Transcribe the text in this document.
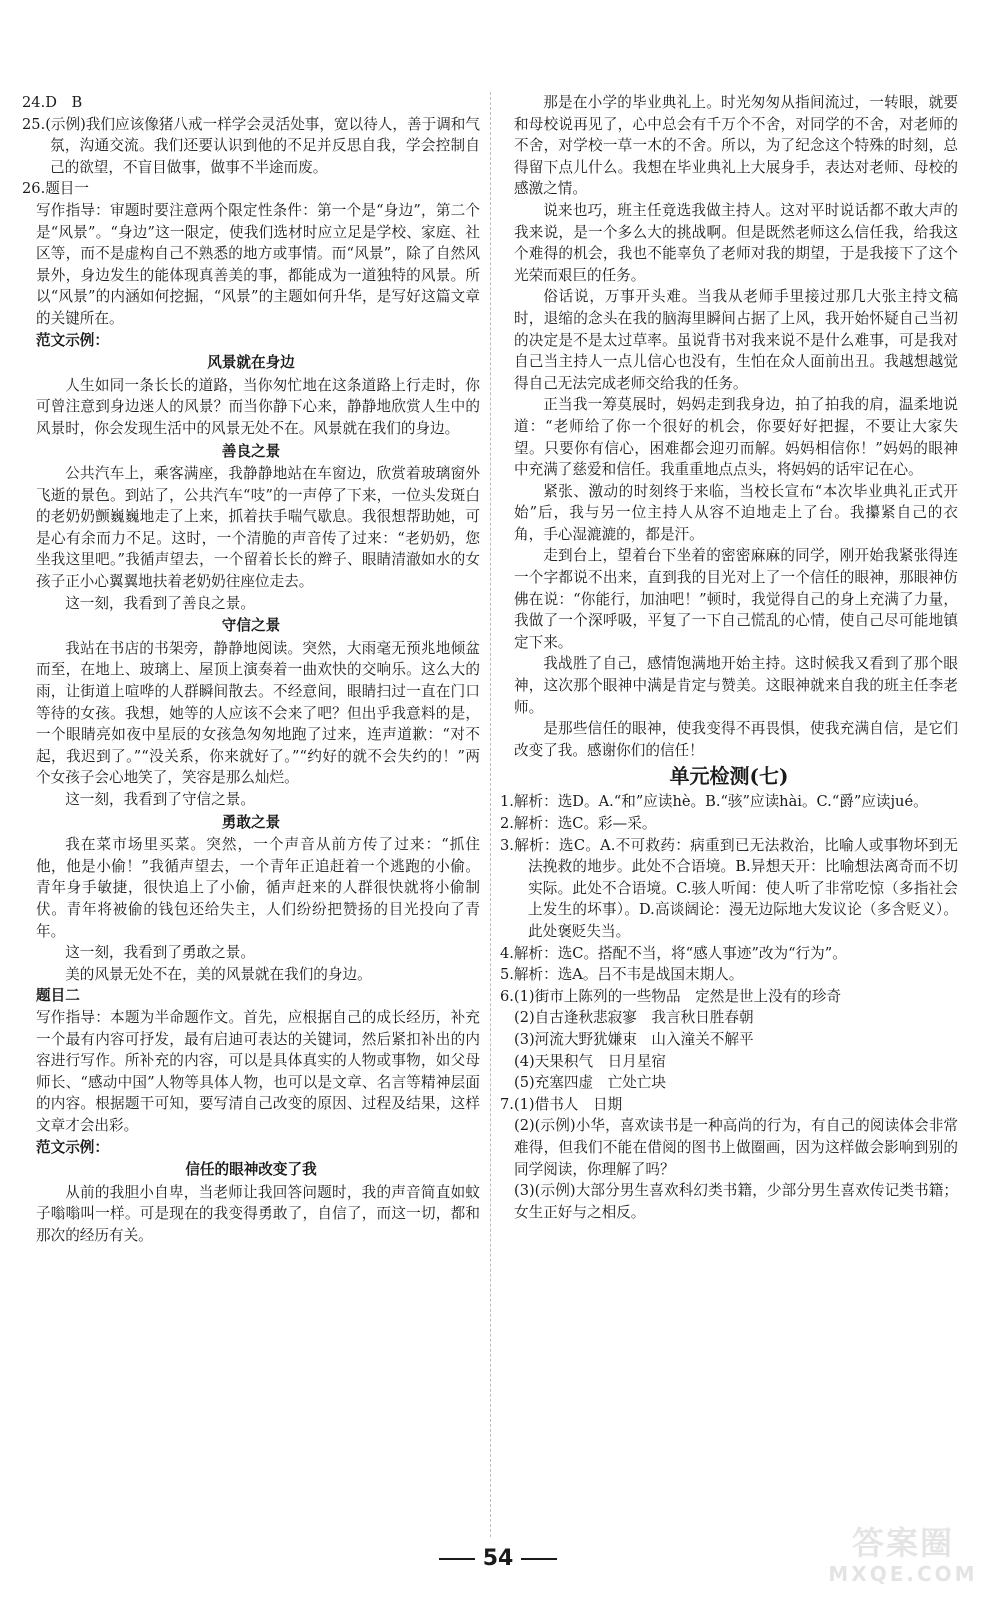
24.D　B

25.(示例)我们应该像猪八戒一样学会灵活处事，宽以待人，善于调和气氛，沟通交流。我们还要认识到他的不足并反思自我，学会控制自己的欲望，不盲目做事，做事不半途而废。

26.题目一

写作指导：审题时要注意两个限定性条件：第一个是“身边”，第二个是“风景”。“身边”这一限定，使我们选材时应立足是学校、家庭、社区等，而不是虚构自己不熟悉的地方或事情。而“风景”，除了自然风景外，身边发生的能体现真善美的事，都能成为一道独特的风景。所以“风景”的内涵如何挖掘，“风景”的主题如何升华，是写好这篇文章的关键所在。

范文示例：

风景就在身边

人生如同一条长长的道路，当你匆忙地在这条道路上行走时，你可曾注意到身边迷人的风景？而当你静下心来，静静地欣赏人生中的风景时，你会发现生活中的风景无处不在。风景就在我们的身边。

善良之景

公共汽车上，乘客满座，我静静地站在车窗边，欣赏着玻璃窗外飞逝的景色。到站了，公共汽车“吱”的一声停了下来，一位头发斑白的老奶奶颤巍巍地走了上来，抓着扶手喘气歇息。我很想帮助她，可是心有余而力不足。这时，一个清脆的声音传了过来：“老奶奶，您坐我这里吧。”我循声望去，一个留着长长的辫子、眼睛清澈如水的女孩子正小心翼翼地扶着老奶奶往座位走去。

这一刻，我看到了善良之景。

守信之景

我站在书店的书架旁，静静地阅读。突然，大雨毫无预兆地倾盆而至，在地上、玻璃上、屋顶上演奏着一曲欢快的交响乐。这么大的雨，让街道上喧哗的人群瞬间散去。不经意间，眼睛扫过一直在门口等待的女孩。我想，她等的人应该不会来了吧？但出乎我意料的是，一个眼睛亮如夜中星辰的女孩急匆匆地跑了过来，连声道歉：“对不起，我迟到了。”“没关系，你来就好了。”“约好的就不会失约的！”两个女孩子会心地笑了，笑容是那么灿烂。

这一刻，我看到了守信之景。

勇敢之景

我在菜市场里买菜。突然，一个声音从前方传了过来：“抓住他，他是小偷！”我循声望去，一个青年正追赶着一个逃跑的小偷。青年身手敏捷，很快追上了小偷，循声赶来的人群很快就将小偷制伏。青年将被偷的钱包还给失主，人们纷纷把赞扬的目光投向了青年。

这一刻，我看到了勇敢之景。

美的风景无处不在，美的风景就在我们的身边。

题目二

写作指导：本题为半命题作文。首先，应根据自己的成长经历，补充一个最有内容可抒发，最有启迪可表达的关键词，然后紧扣补出的内容进行写作。所补充的内容，可以是具体真实的人物或事物，如父母师长、“感动中国”人物等具体人物，也可以是文章、名言等精神层面的内容。根据题干可知，要写清自己改变的原因、过程及结果，这样文章才会出彩。

范文示例：

信任的眼神改变了我

从前的我胆小自卑，当老师让我回答问题时，我的声音简直如蚊子嗡嗡叫一样。可是现在的我变得勇敢了，自信了，而这一切，都和那次的经历有关。

那是在小学的毕业典礼上。时光匆匆从指间流过，一转眼，就要和母校说再见了，心中总会有千万个不舍，对同学的不舍，对老师的不舍，对学校一草一木的不舍。所以，为了纪念这个特殊的时刻，总得留下点儿什么。我想在毕业典礼上大展身手，表达对老师、母校的感激之情。

说来也巧，班主任竟选我做主持人。这对平时说话都不敢大声的我来说，是一个多么大的挑战啊。但是既然老师这么信任我，给我这个难得的机会，我也不能辜负了老师对我的期望，于是我接下了这个光荣而艰巨的任务。

俗话说，万事开头难。当我从老师手里接过那几大张主持文稿时，退缩的念头在我的脑海里瞬间占据了上风，我开始怀疑自己当初的决定是不是太过草率。虽说背书对我来说不是什么难事，可是我对自己当主持人一点儿信心也没有，生怕在众人面前出丑。我越想越觉得自己无法完成老师交给我的任务。

正当我一筹莫展时，妈妈走到我身边，拍了拍我的肩，温柔地说道：“老师给了你一个很好的机会，你要好好把握，不要让大家失望。只要你有信心，困难都会迎刃而解。妈妈相信你！”妈妈的眼神中充满了慈爱和信任。我重重地点点头，将妈妈的话牢记在心。

紧张、激动的时刻终于来临，当校长宣布“本次毕业典礼正式开始”后，我与另一位主持人从容不迫地走上了台。我攥紧自己的衣角，手心湿漉漉的，都是汗。

走到台上，望着台下坐着的密密麻麻的同学，刚开始我紧张得连一个字都说不出来，直到我的目光对上了一个信任的眼神，那眼神仿佛在说：“你能行，加油吧！”顿时，我觉得自己的身上充满了力量，我做了一个深呼吸，平复了一下自己慌乱的心情，使自己尽可能地镇定下来。

我战胜了自己，感情饱满地开始主持。这时候我又看到了那个眼神，这次那个眼神中满是肯定与赞美。这眼神就来自我的班主任李老师。

是那些信任的眼神，使我变得不再畏惧，使我充满自信，是它们改变了我。感谢你们的信任！

单元检测(七)

1.解析：选D。A.“和”应读hè。B.“骇”应读hài。C.“爵”应读jué。

2.解析：选C。彩—采。

3.解析：选C。A.不可救药：病重到已无法救治，比喻人或事物坏到无法挽救的地步。此处不合语境。B.异想天开：比喻想法离奇而不切实际。此处不合语境。C.骇人听闻：使人听了非常吃惊（多指社会上发生的坏事）。D.高谈阔论：漫无边际地大发议论（多含贬义）。此处褒贬失当。

4.解析：选C。搭配不当，将“感人事迹”改为“行为”。

5.解析：选A。吕不韦是战国末期人。

6.(1)街市上陈列的一些物品　定然是世上没有的珍奇

(2)自古逢秋悲寂寥　我言秋日胜春朝

(3)河流大野犹嫌束　山入潼关不解平

(4)天果积气　日月星宿

(5)充塞四虚　亡处亡块

7.(1)借书人　日期

(2)(示例)小华，喜欢读书是一种高尚的行为，有自己的阅读体会非常难得，但我们不能在借阅的图书上做圈画，因为这样做会影响到别的同学阅读，你理解了吗？

(3)(示例)大部分男生喜欢科幻类书籍，少部分男生喜欢传记类书籍；女生正好与之相反。

54	答案圈
MXQE.COM
